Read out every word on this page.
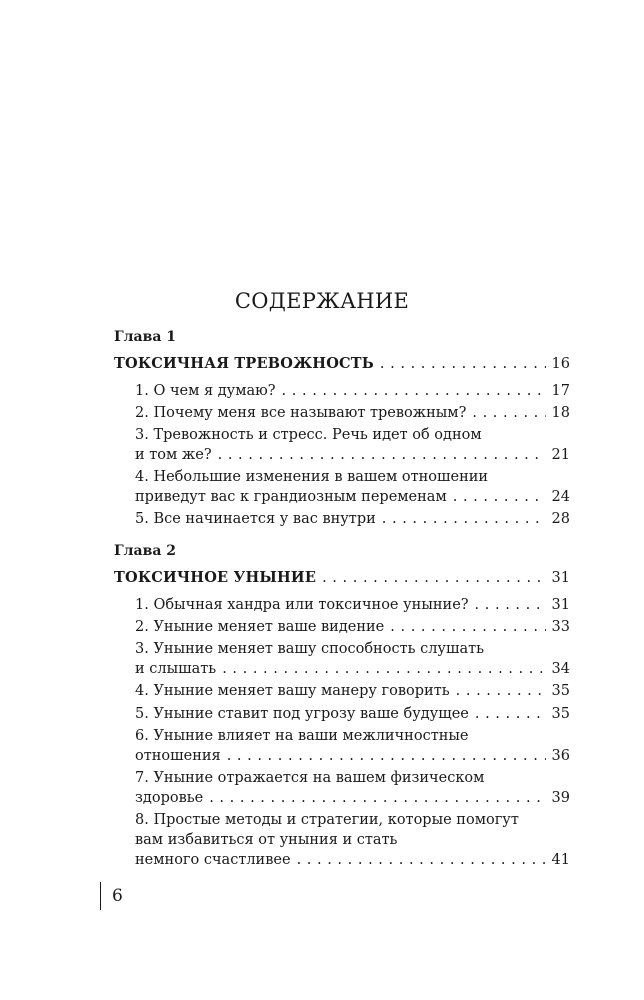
СОДЕРЖАНИЕ
Глава 1
ТОКСИЧНАЯ ТРЕВОЖНОСТЬ . . .	16
1. О чем я думаю? . . .	17
2. Почему меня все называют тревожным? . . .	18
3. Тревожность и стресс. Речь идет об одном
и том же? . . .	21
4. Небольшие изменения в вашем отношении
приведут вас к грандиозным переменам . . .	24
5. Все начинается у вас внутри . . .	28
Глава 2
ТОКСИЧНОЕ УНЫНИЕ . . .	31
1. Обычная хандра или токсичное уныние? . . .	31
2. Уныние меняет ваше видение . . .	33
3. Уныние меняет вашу способность слушать
и слышать . . .	34
4. Уныние меняет вашу манеру говорить . . .	35
5. Уныние ставит под угрозу ваше будущее . . .	35
6. Уныние влияет на ваши межличностные
отношения . . .	36
7. Уныние отражается на вашем физическом
здоровье . . .	39
8. Простые методы и стратегии, которые помогут
вам избавиться от уныния и стать
немного счастливее . . .	41
6
